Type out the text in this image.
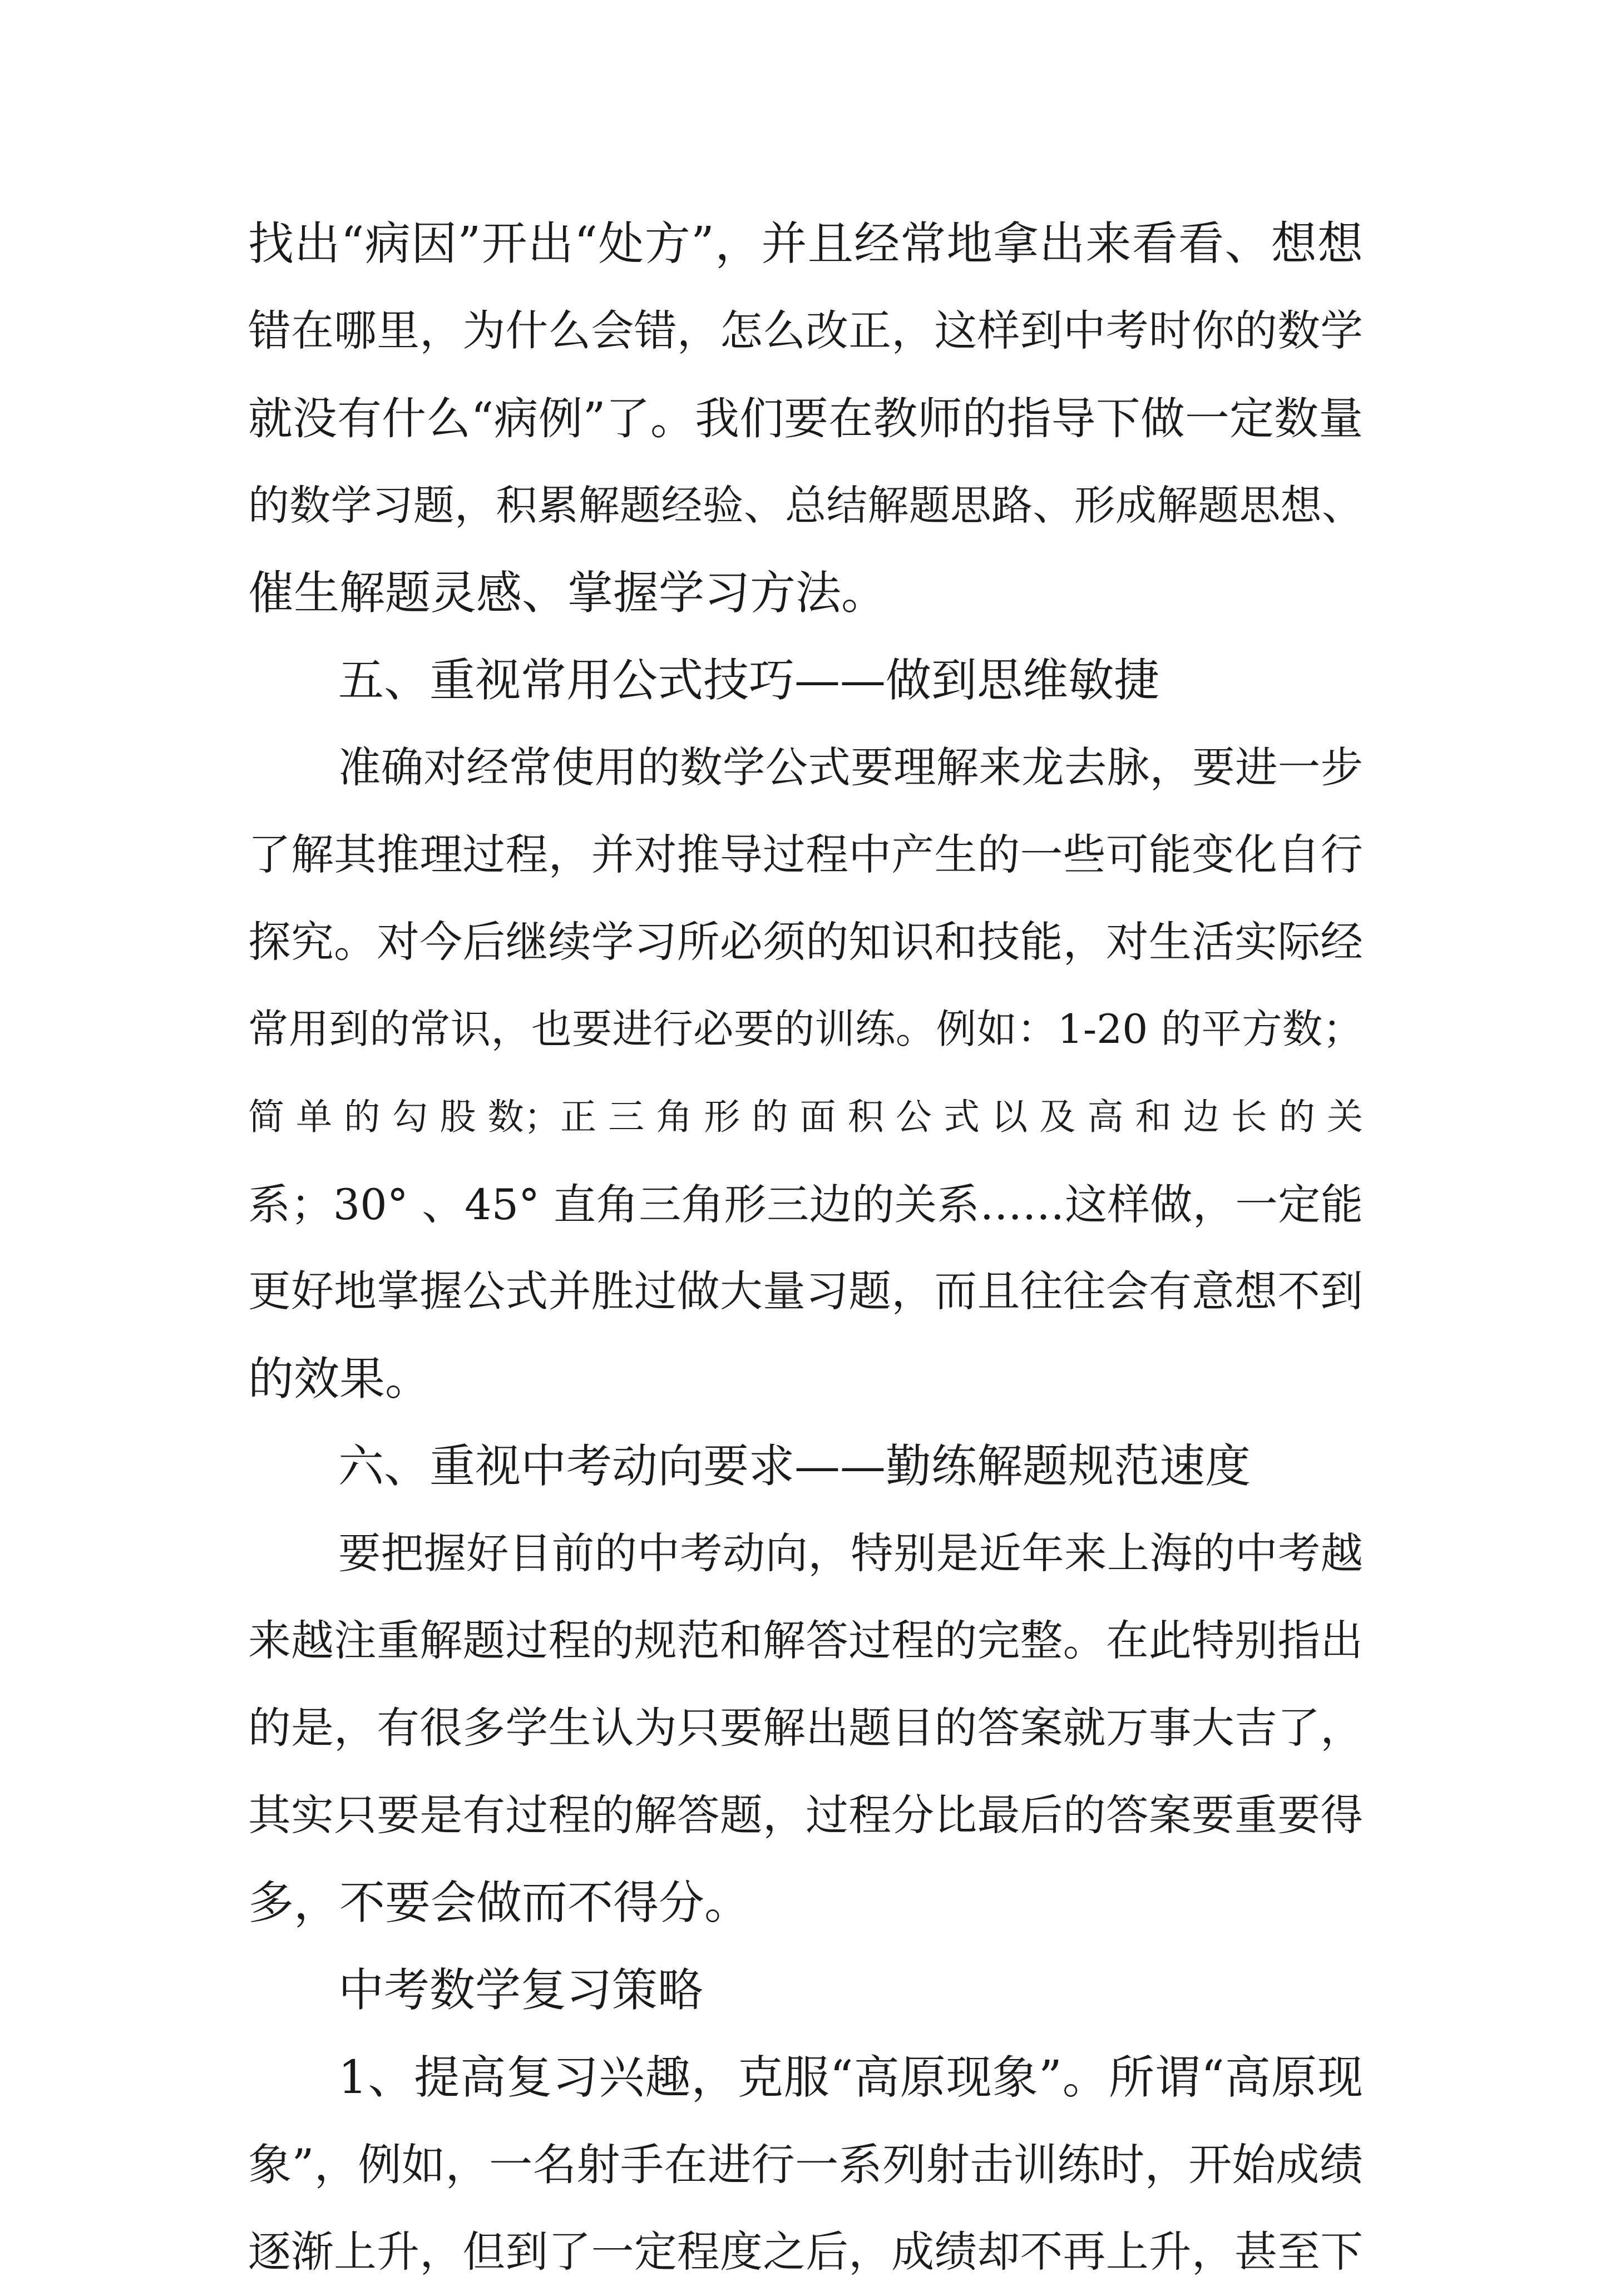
找出“病因”开出“处方”，并且经常地拿出来看看、想想
错在哪里，为什么会错，怎么改正，这样到中考时你的数学
就没有什么“病例”了。我们要在教师的指导下做一定数量
的数学习题，积累解题经验、总结解题思路、形成解题思想、
催生解题灵感、掌握学习方法。
五、重视常用公式技巧——做到思维敏捷
准确对经常使用的数学公式要理解来龙去脉，要进一步
了解其推理过程，并对推导过程中产生的一些可能变化自行
探究。对今后继续学习所必须的知识和技能，对生活实际经
常用到的常识，也要进行必要的训练。例如：1-20 的平方数；
简 单 的 勾 股 数；正 三 角 形 的 面 积 公 式 以 及 高 和 边 长 的 关
系；30° 、45° 直角三角形三边的关系……这样做，一定能
更好地掌握公式并胜过做大量习题，而且往往会有意想不到
的效果。
六、重视中考动向要求——勤练解题规范速度
要把握好目前的中考动向，特别是近年来上海的中考越
来越注重解题过程的规范和解答过程的完整。在此特别指出
的是，有很多学生认为只要解出题目的答案就万事大吉了，
其实只要是有过程的解答题，过程分比最后的答案要重要得
多，不要会做而不得分。
中考数学复习策略
1、提高复习兴趣，克服“高原现象”。所谓“高原现
象”，例如，一名射手在进行一系列射击训练时，开始成绩
逐渐上升，但到了一定程度之后，成绩却不再上升，甚至下
